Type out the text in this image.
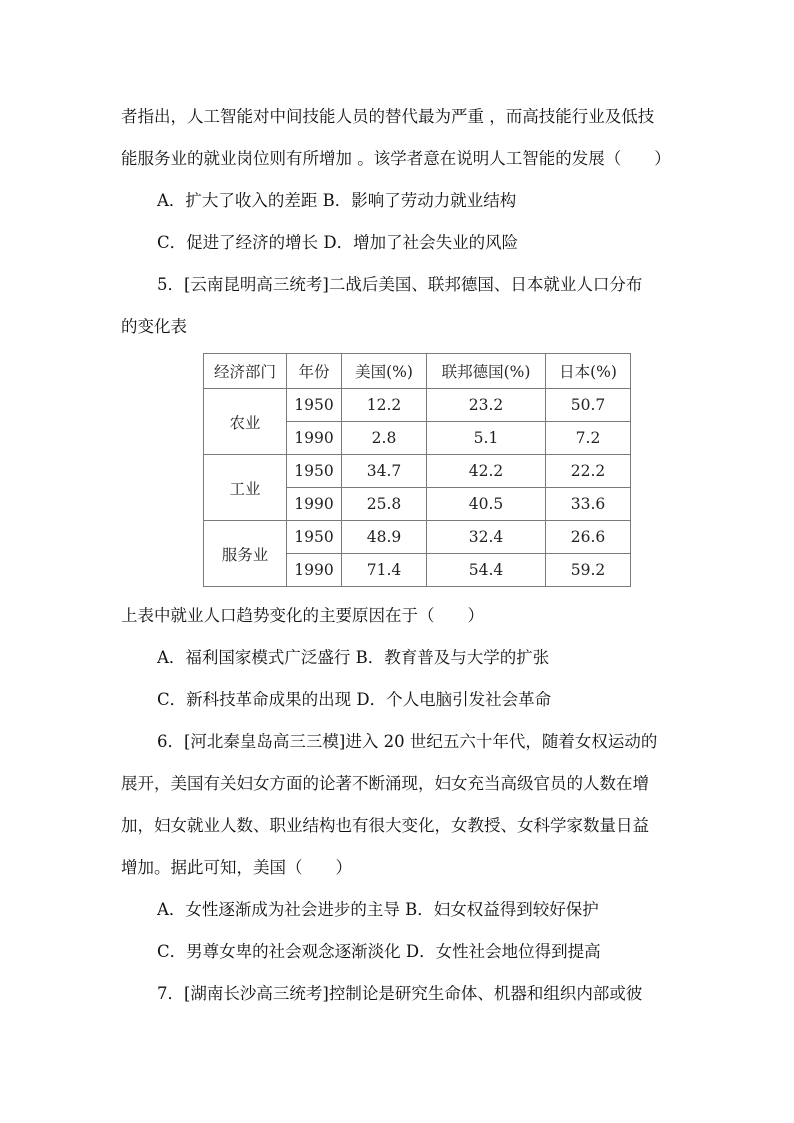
者指出，人工智能对中间技能人员的替代最为严重 ，而高技能行业及低技
能服务业的就业岗位则有所增加 。该学者意在说明人工智能的发展（　　）
A．扩大了收入的差距 B．影响了劳动力就业结构
C．促进了经济的增长 D．增加了社会失业的风险
5．[云南昆明高三统考]二战后美国、联邦德国、日本就业人口分布
的变化表
经济部门	年份	美国(%)	联邦德国(%)	日本(%)
农业	1950	12.2	23.2	50.7
	1990	2.8	5.1	7.2
工业	1950	34.7	42.2	22.2
	1990	25.8	40.5	33.6
服务业	1950	48.9	32.4	26.6
	1990	71.4	54.4	59.2
上表中就业人口趋势变化的主要原因在于（　　）
A．福利国家模式广泛盛行 B．教育普及与大学的扩张
C．新科技革命成果的出现 D．个人电脑引发社会革命
6．[河北秦皇岛高三三模]进入 20 世纪五六十年代，随着女权运动的
展开，美国有关妇女方面的论著不断涌现，妇女充当高级官员的人数在增
加，妇女就业人数、职业结构也有很大变化，女教授、女科学家数量日益
增加。据此可知，美国（　　）
A．女性逐渐成为社会进步的主导 B．妇女权益得到较好保护
C．男尊女卑的社会观念逐渐淡化 D．女性社会地位得到提高
7．[湖南长沙高三统考]控制论是研究生命体、机器和组织内部或彼
